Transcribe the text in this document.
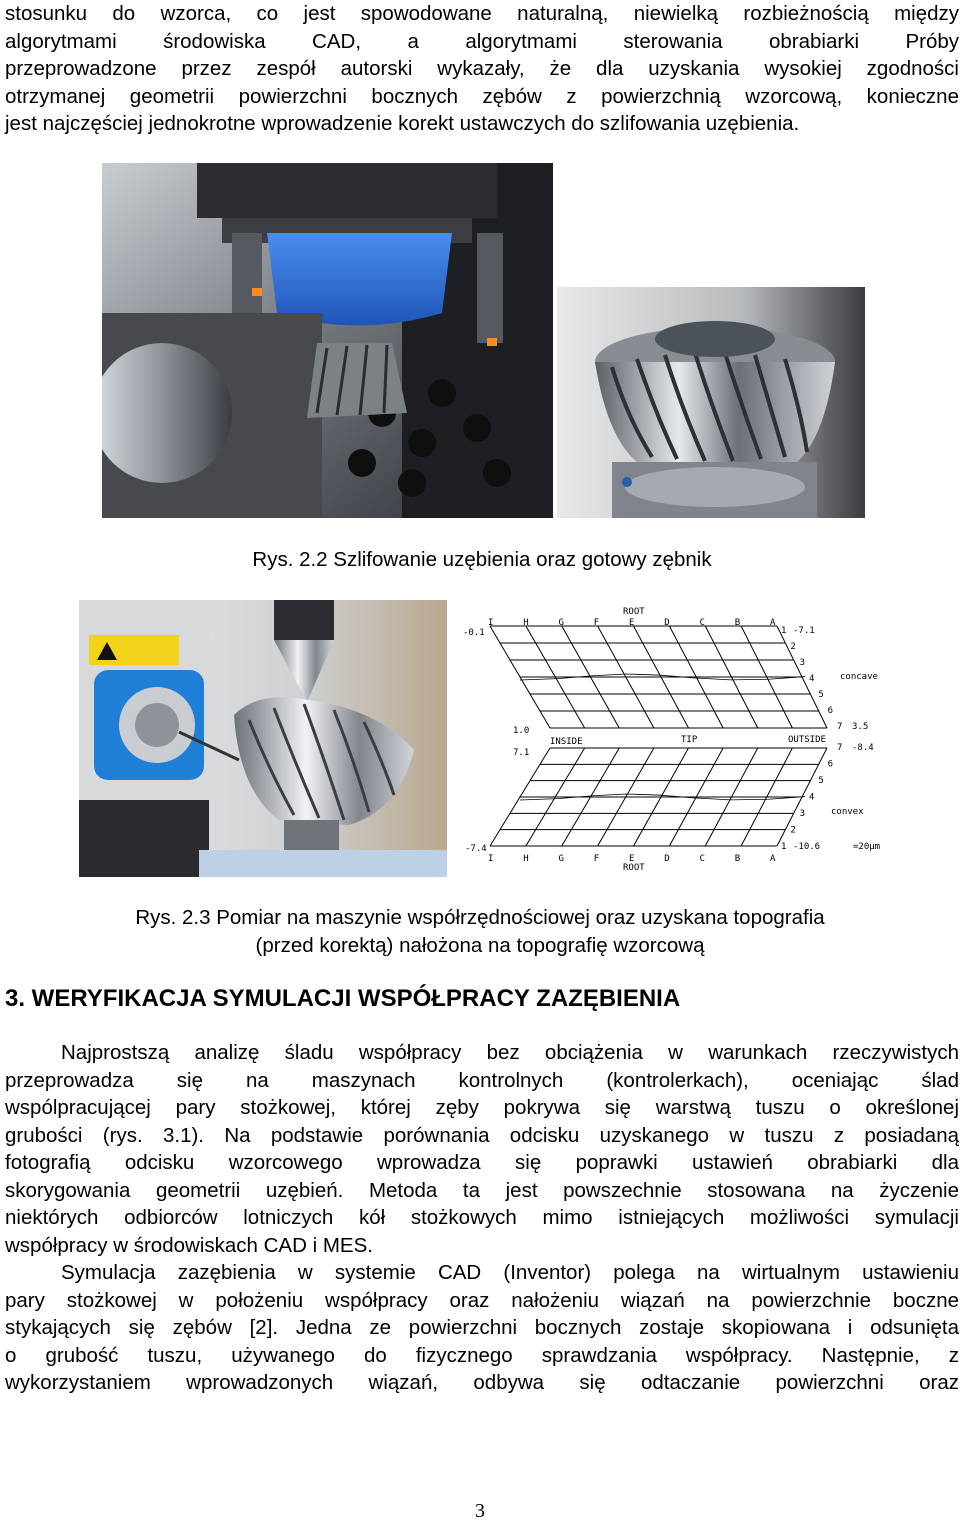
stosunku do wzorca, co jest spowodowane naturalną, niewielką rozbieżnością między
algorytmami środowiska CAD, a algorytmami sterowania obrabiarki Próby
przeprowadzone przez zespół autorski wykazały, że dla uzyskania wysokiej zgodności
otrzymanej geometrii powierzchni bocznych zębów z powierzchnią wzorcową, konieczne
jest najczęściej jednokrotne wprowadzenie korekt ustawczych do szlifowania uzębienia.
Rys. 2.2 Szlifowanie uzębienia oraz gotowy zębnik
ROOT
I	H	G	F	E	D	C	B	A
I	H	G	F	E	D	C	B	A
1
2
3
4
5
6
7
7
6
5
4
3
2
1
-0.1	-7.1
1.0
7.1
3.5
-8.4
-7.4	-10.6	=20μm
concave
convex
INSIDE	TIP	OUTSIDE
ROOT
Rys. 2.3 Pomiar na maszynie współrzędnościowej oraz uzyskana topografia
(przed korektą) nałożona na topografię wzorcową
3. WERYFIKACJA SYMULACJI WSPÓŁPRACY ZAZĘBIENIA
Najprostszą analizę śladu współpracy bez obciążenia w warunkach rzeczywistych
przeprowadza się na maszynach kontrolnych (kontrolerkach), oceniając ślad
wspólpracującej pary stożkowej, której zęby pokrywa się warstwą tuszu o określonej
grubości (rys. 3.1). Na podstawie porównania odcisku uzyskanego w tuszu z posiadaną
fotografią odcisku wzorcowego wprowadza się poprawki ustawień obrabiarki dla
skorygowania geometrii uzębień. Metoda ta jest powszechnie stosowana na życzenie
niektórych odbiorców lotniczych kół stożkowych mimo istniejących możliwości symulacji
współpracy w środowiskach CAD i MES.
Symulacja zazębienia w systemie CAD (Inventor) polega na wirtualnym ustawieniu
pary stożkowej w położeniu współpracy oraz nałożeniu wiązań na powierzchnie boczne
stykających się zębów [2]. Jedna ze powierzchni bocznych zostaje skopiowana i odsunięta
o grubość tuszu, używanego do fizycznego sprawdzania współpracy. Następnie, z
wykorzystaniem wprowadzonych wiązań, odbywa się odtaczanie powierzchni oraz
3
